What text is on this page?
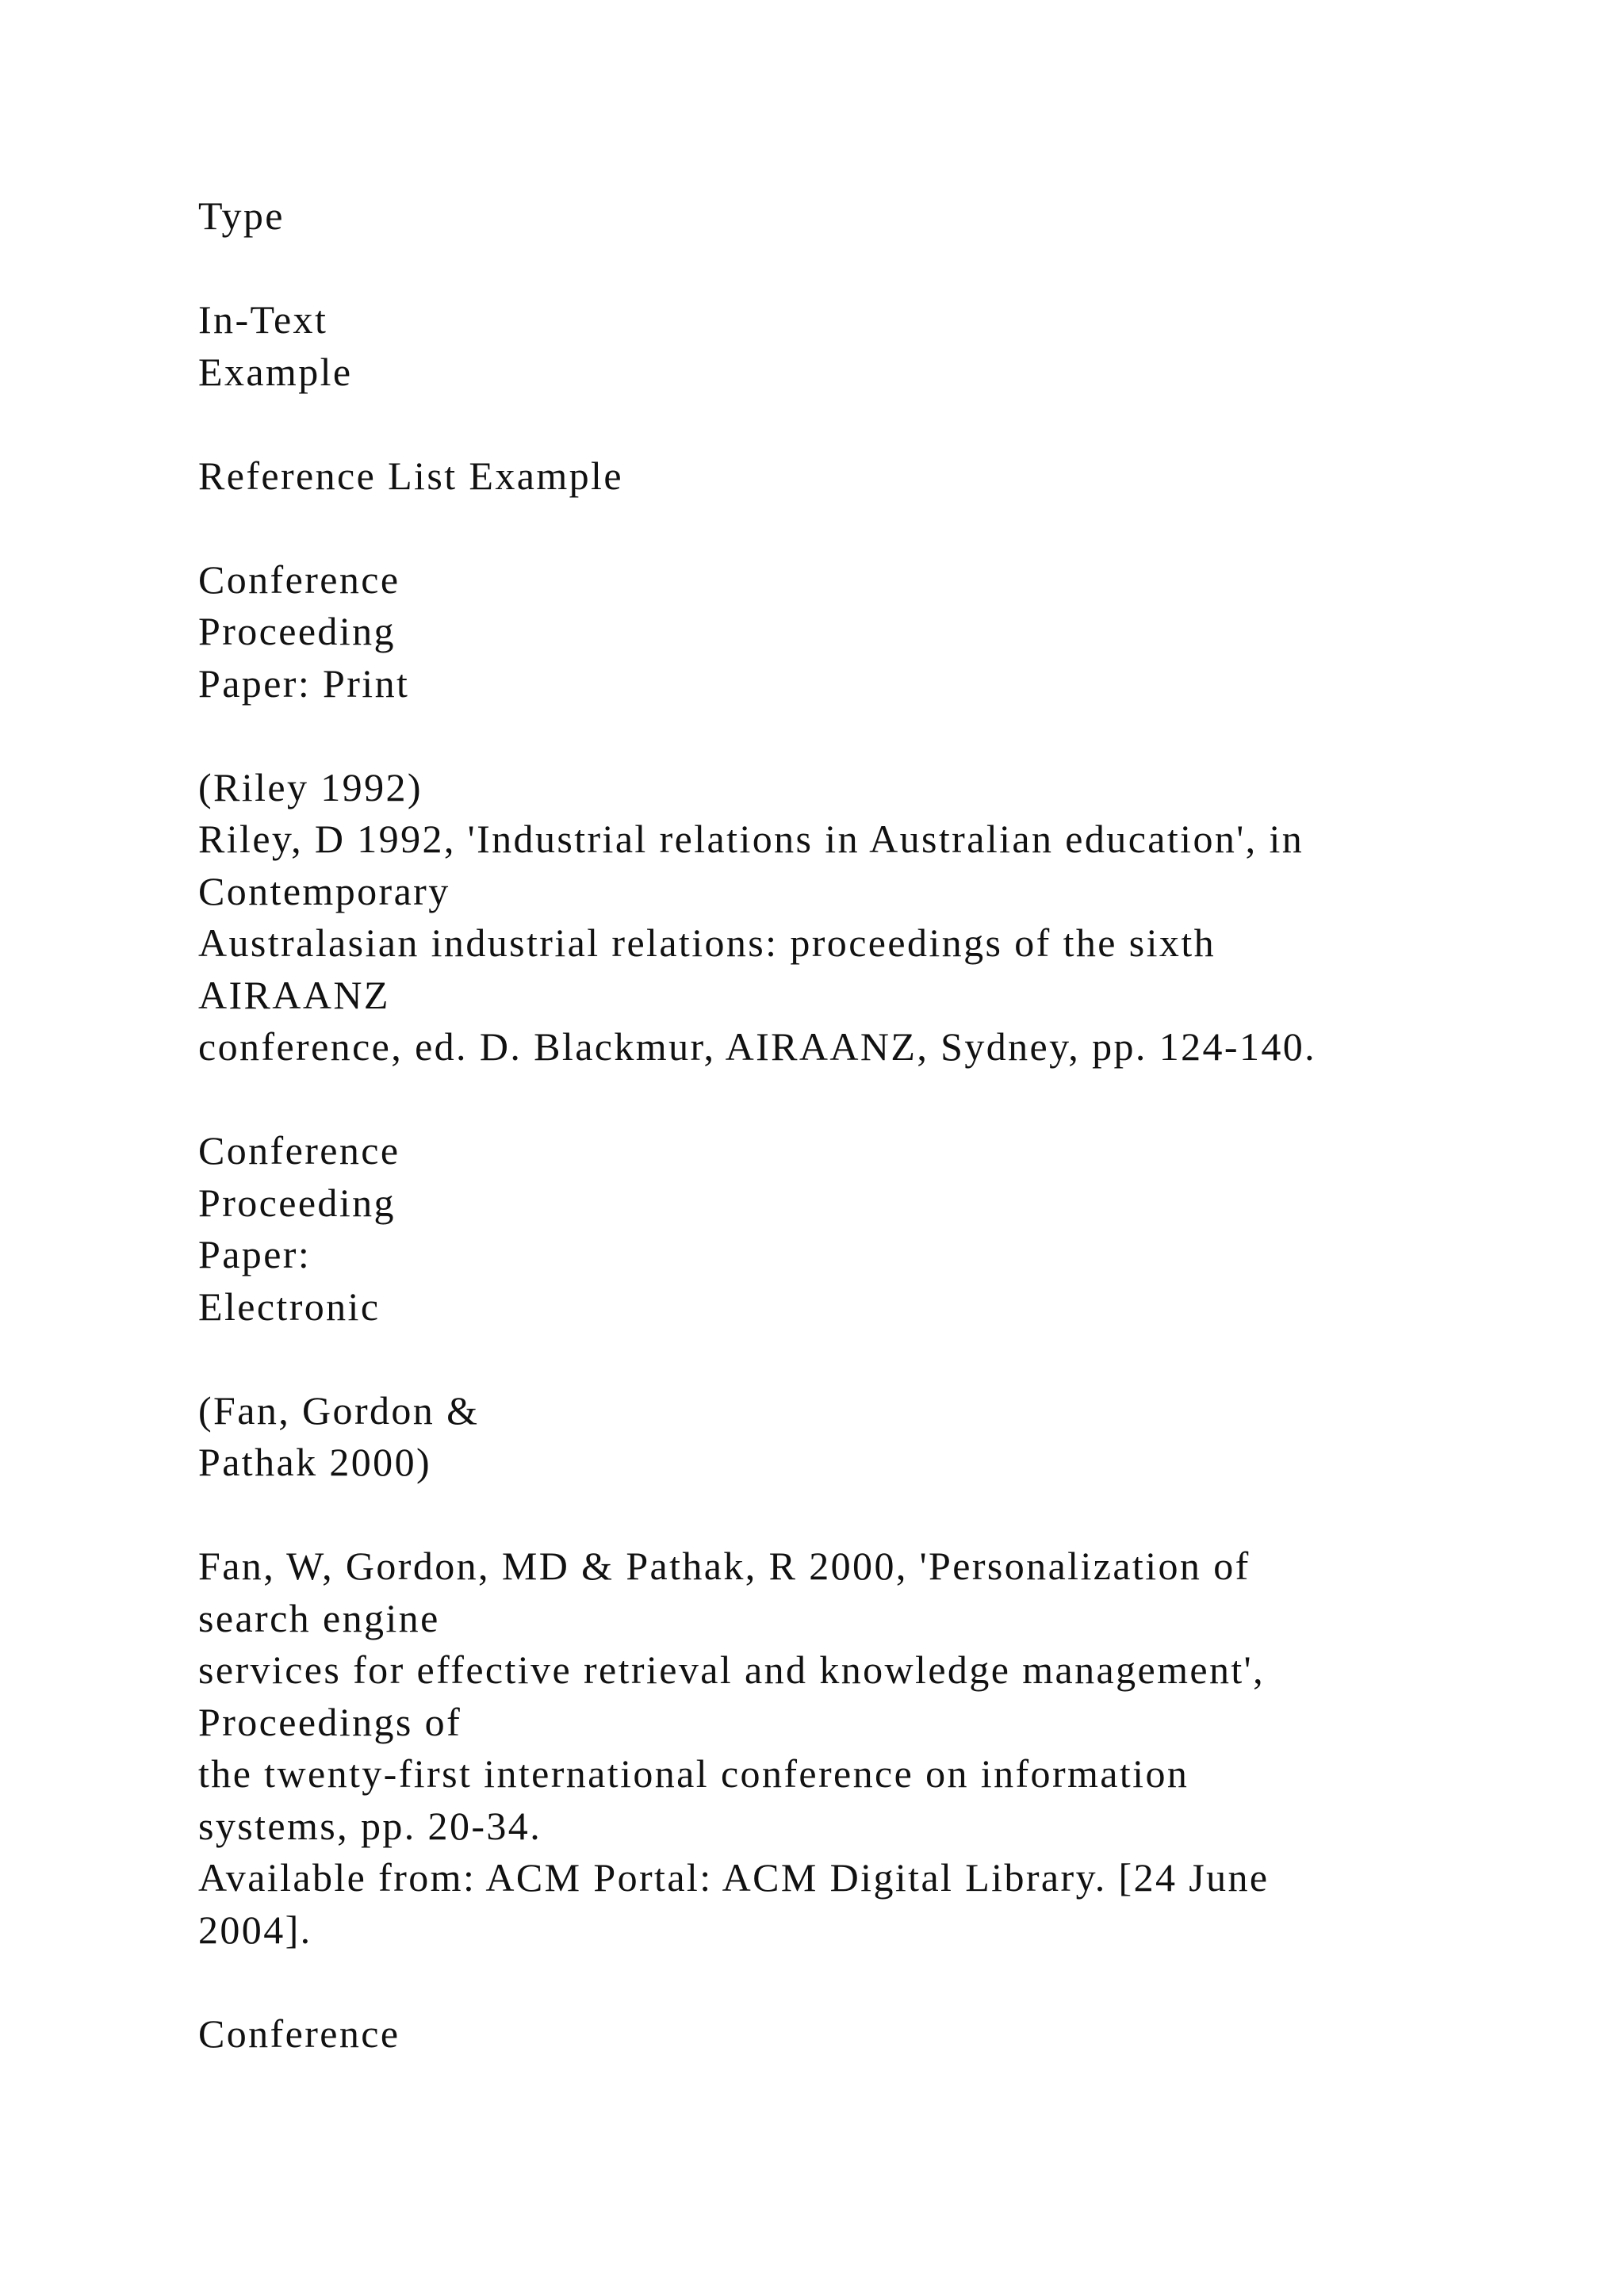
Type
In-Text
Example
Reference List Example
Conference
Proceeding
Paper: Print
(Riley 1992)
Riley, D 1992, 'Industrial relations in Australian education', in
Contemporary
Australasian industrial relations: proceedings of the sixth
AIRAANZ
conference, ed. D. Blackmur, AIRAANZ, Sydney, pp. 124-140.
Conference
Proceeding
Paper:
Electronic
(Fan, Gordon &
Pathak 2000)
Fan, W, Gordon, MD & Pathak, R 2000, 'Personalization of
search engine
services for effective retrieval and knowledge management',
Proceedings of
the twenty-first international conference on information
systems, pp. 20-34.
Available from: ACM Portal: ACM Digital Library. [24 June
2004].
Conference
